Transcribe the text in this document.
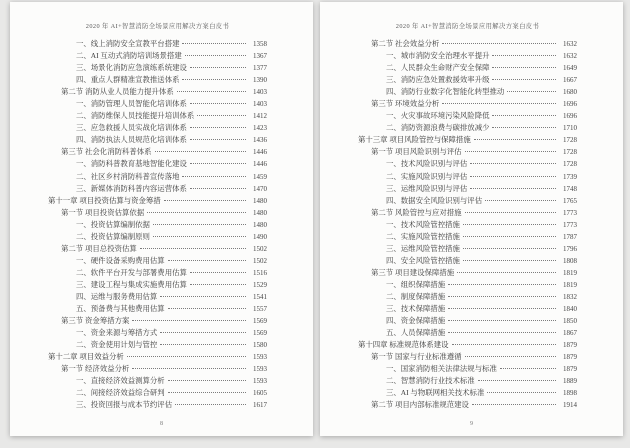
2020 年 AI+智慧消防全场景应用解决方案白皮书
一、线上消防安全宣教平台搭建	1358
二、AI 互动式消防培训场景搭建	1367
三、场景化消防应急演练系统建设	1377
四、重点人群精准宣教推送体系	1390
第二节 消防从业人员能力提升体系	1403
一、消防管理人员智能化培训体系	1403
二、消防维保人员技能提升培训体系	1412
三、应急救援人员实战化培训体系	1423
四、消防执法人员规范化培训体系	1436
第三节 社会化消防科普体系	1446
一、消防科普教育基地智能化建设	1446
二、社区乡村消防科普宣传落地	1459
三、新媒体消防科普内容运营体系	1470
第十一章 项目投资估算与资金筹措	1480
第一节 项目投资估算依据	1480
一、投资估算编制依据	1480
二、投资估算编制原则	1490
第二节 项目总投资估算	1502
一、硬件设备采购费用估算	1502
二、软件平台开发与部署费用估算	1516
三、建设工程与集成实施费用估算	1529
四、运维与服务费用估算	1541
五、预备费与其他费用估算	1557
第三节 资金筹措方案	1569
一、资金来源与筹措方式	1569
二、资金使用计划与管控	1580
第十二章 项目效益分析	1593
第一节 经济效益分析	1593
一、直接经济效益测算分析	1593
二、间接经济效益综合研判	1605
三、投资回报与成本节约评估	1617
8
2020 年 AI+智慧消防全场景应用解决方案白皮书
第二节 社会效益分析	1632
一、城市消防安全治理水平提升	1632
二、人民群众生命财产安全保障	1649
三、消防应急处置救援效率升级	1667
四、消防行业数字化智能化转型推动	1680
第三节 环境效益分析	1696
一、火灾事故环境污染风险降低	1696
二、消防资源浪费与碳排放减少	1710
第十三章 项目风险管控与保障措施	1728
第一节 项目风险识别与评估	1728
一、技术风险识别与评估	1728
二、实施风险识别与评估	1739
三、运维风险识别与评估	1748
四、数据安全风险识别与评估	1765
第二节 风险管控与应对措施	1773
一、技术风险管控措施	1773
二、实施风险管控措施	1787
三、运维风险管控措施	1796
四、安全风险管控措施	1808
第三节 项目建设保障措施	1819
一、组织保障措施	1819
二、制度保障措施	1832
三、技术保障措施	1840
四、资金保障措施	1850
五、人员保障措施	1867
第十四章 标准规范体系建设	1879
第一节 国家与行业标准遵循	1879
一、国家消防相关法律法规与标准	1879
二、智慧消防行业技术标准	1889
三、AI 与物联网相关技术标准	1898
第二节 项目内部标准规范建设	1914
9
